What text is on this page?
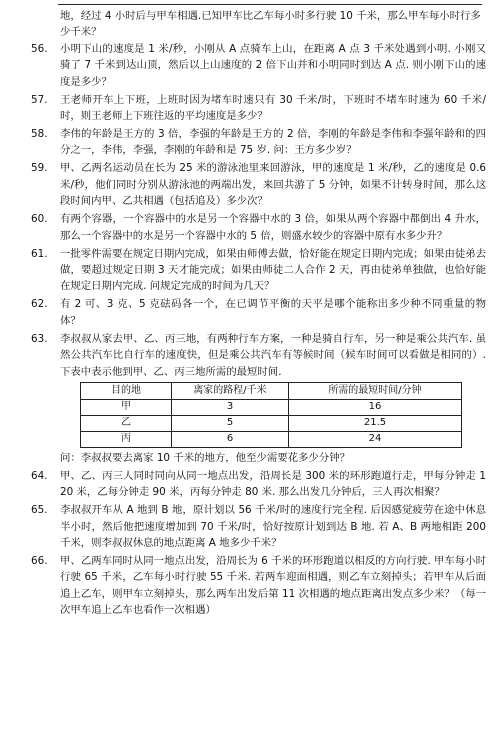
地，经过 4 小时后与甲车相遇.已知甲车比乙车每小时多行驶 10 千米，那么甲车每小时行多少千米？
56.	小明下山的速度是 1 米/秒，小刚从 A 点骑车上山，在距离 A 点 3 千米处遇到小明. 小刚又骑了 7 千米到达山顶，然后以上山速度的 2 倍下山并和小明同时到达 A 点. 则小刚下山的速度是多少？
57.	王老师开车上下班，上班时因为堵车时速只有 30 千米/时，下班时不堵车时速为 60 千米/时，则王老师上下班往返的平均速度是多少？
58.	李伟的年龄是王方的 3 倍，李强的年龄是王方的 2 倍，李刚的年龄是李伟和李强年龄和的四分之一，李伟，李强，李刚的年龄和是 75 岁. 问：王方多少岁？
59.	甲、乙两名运动员在长为 25 米的游泳池里来回游泳，甲的速度是 1 米/秒，乙的速度是 0.6 米/秒，他们同时分别从游泳池的两端出发，来回共游了 5 分钟，如果不计转身时间，那么这段时间内甲、乙共相遇（包括追及）多少次？
60.	有两个容器，一个容器中的水是另一个容器中水的 3 倍，如果从两个容器中都倒出 4 升水，那么一个容器中的水是另一个容器中水的 5 倍，则盛水较少的容器中原有水多少升？
61.	一批零件需要在规定日期内完成，如果由师傅去做，恰好能在规定日期内完成；如果由徒弟去做，要超过规定日期 3 天才能完成；如果由师徒二人合作 2 天，再由徒弟单独做，也恰好能在规定日期内完成. 问规定完成的时间为几天？
62.	有 2 可、3 克、5 克砝码各一个，在已调节平衡的天平是哪个能称出多少种不同重量的物体？
63.	李叔叔从家去甲、乙、丙三地，有两种行车方案，一种是骑自行车，另一种是乘公共汽车. 虽然公共汽车比自行车的速度快，但是乘公共汽车有等候时间（候车时间可以看做是相同的）. 下表中表示他到甲、乙、丙三地所需的最短时间.
目的地	离家的路程/千米	所需的最短时间/分钟
甲	3	16
乙	5	21.5
丙	6	24
问：李叔叔要去离家 10 千米的地方，他至少需要花多少分钟？
64.	甲、乙、丙三人同时同向从同一地点出发，沿周长是 300 米的环形跑道行走，甲每分钟走 120 米，乙每分钟走 90 米，丙每分钟走 80 米. 那么出发几分钟后，三人再次相聚？
65.	李叔叔开车从 A 地到 B 地，原计划以 56 千米/时的速度行完全程. 后因感觉疲劳在途中休息半小时，然后他把速度增加到 70 千米/时，恰好按原计划到达 B 地. 若 A、B 两地相距 200 千米，则李叔叔休息的地点距离 A 地多少千米？
66.	甲、乙两车同时从同一地点出发，沿周长为 6 千米的环形跑道以相反的方向行驶. 甲车每小时行驶 65 千米，乙车每小时行驶 55 千米. 若两车迎面相遇，则乙车立刻掉头；若甲车从后面追上乙车，则甲车立刻掉头，那么两车出发后第 11 次相遇的地点距离出发点多少米？（每一次甲车追上乙车也看作一次相遇）
